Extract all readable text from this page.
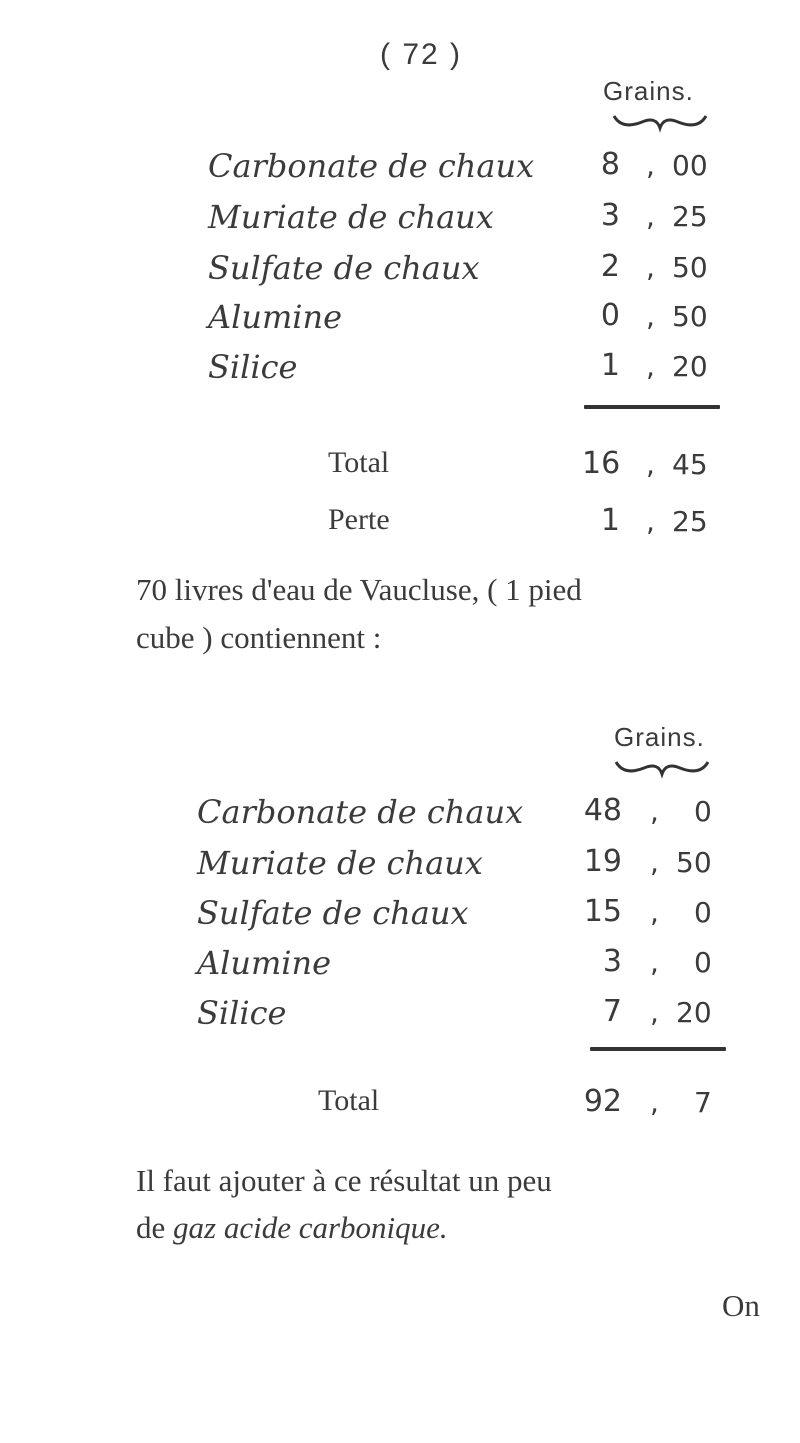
( 72 )
Grains.
Carbonate de chaux	8 , 00
Muriate de chaux	3 , 25
Sulfate de chaux	2 , 50
Alumine	0 , 50
Silice	1 , 20
Total	16 , 45
Perte	1 , 25
70 livres d'eau de Vaucluse, ( 1 pied
cube ) contiennent :
Grains.
Carbonate de chaux	48 , 0
Muriate de chaux	19 , 50
Sulfate de chaux	15 , 0
Alumine	3 , 0
Silice	7 , 20
Total	92 , 7
Il faut ajouter à ce résultat un peu
de gaz acide carbonique.
On
